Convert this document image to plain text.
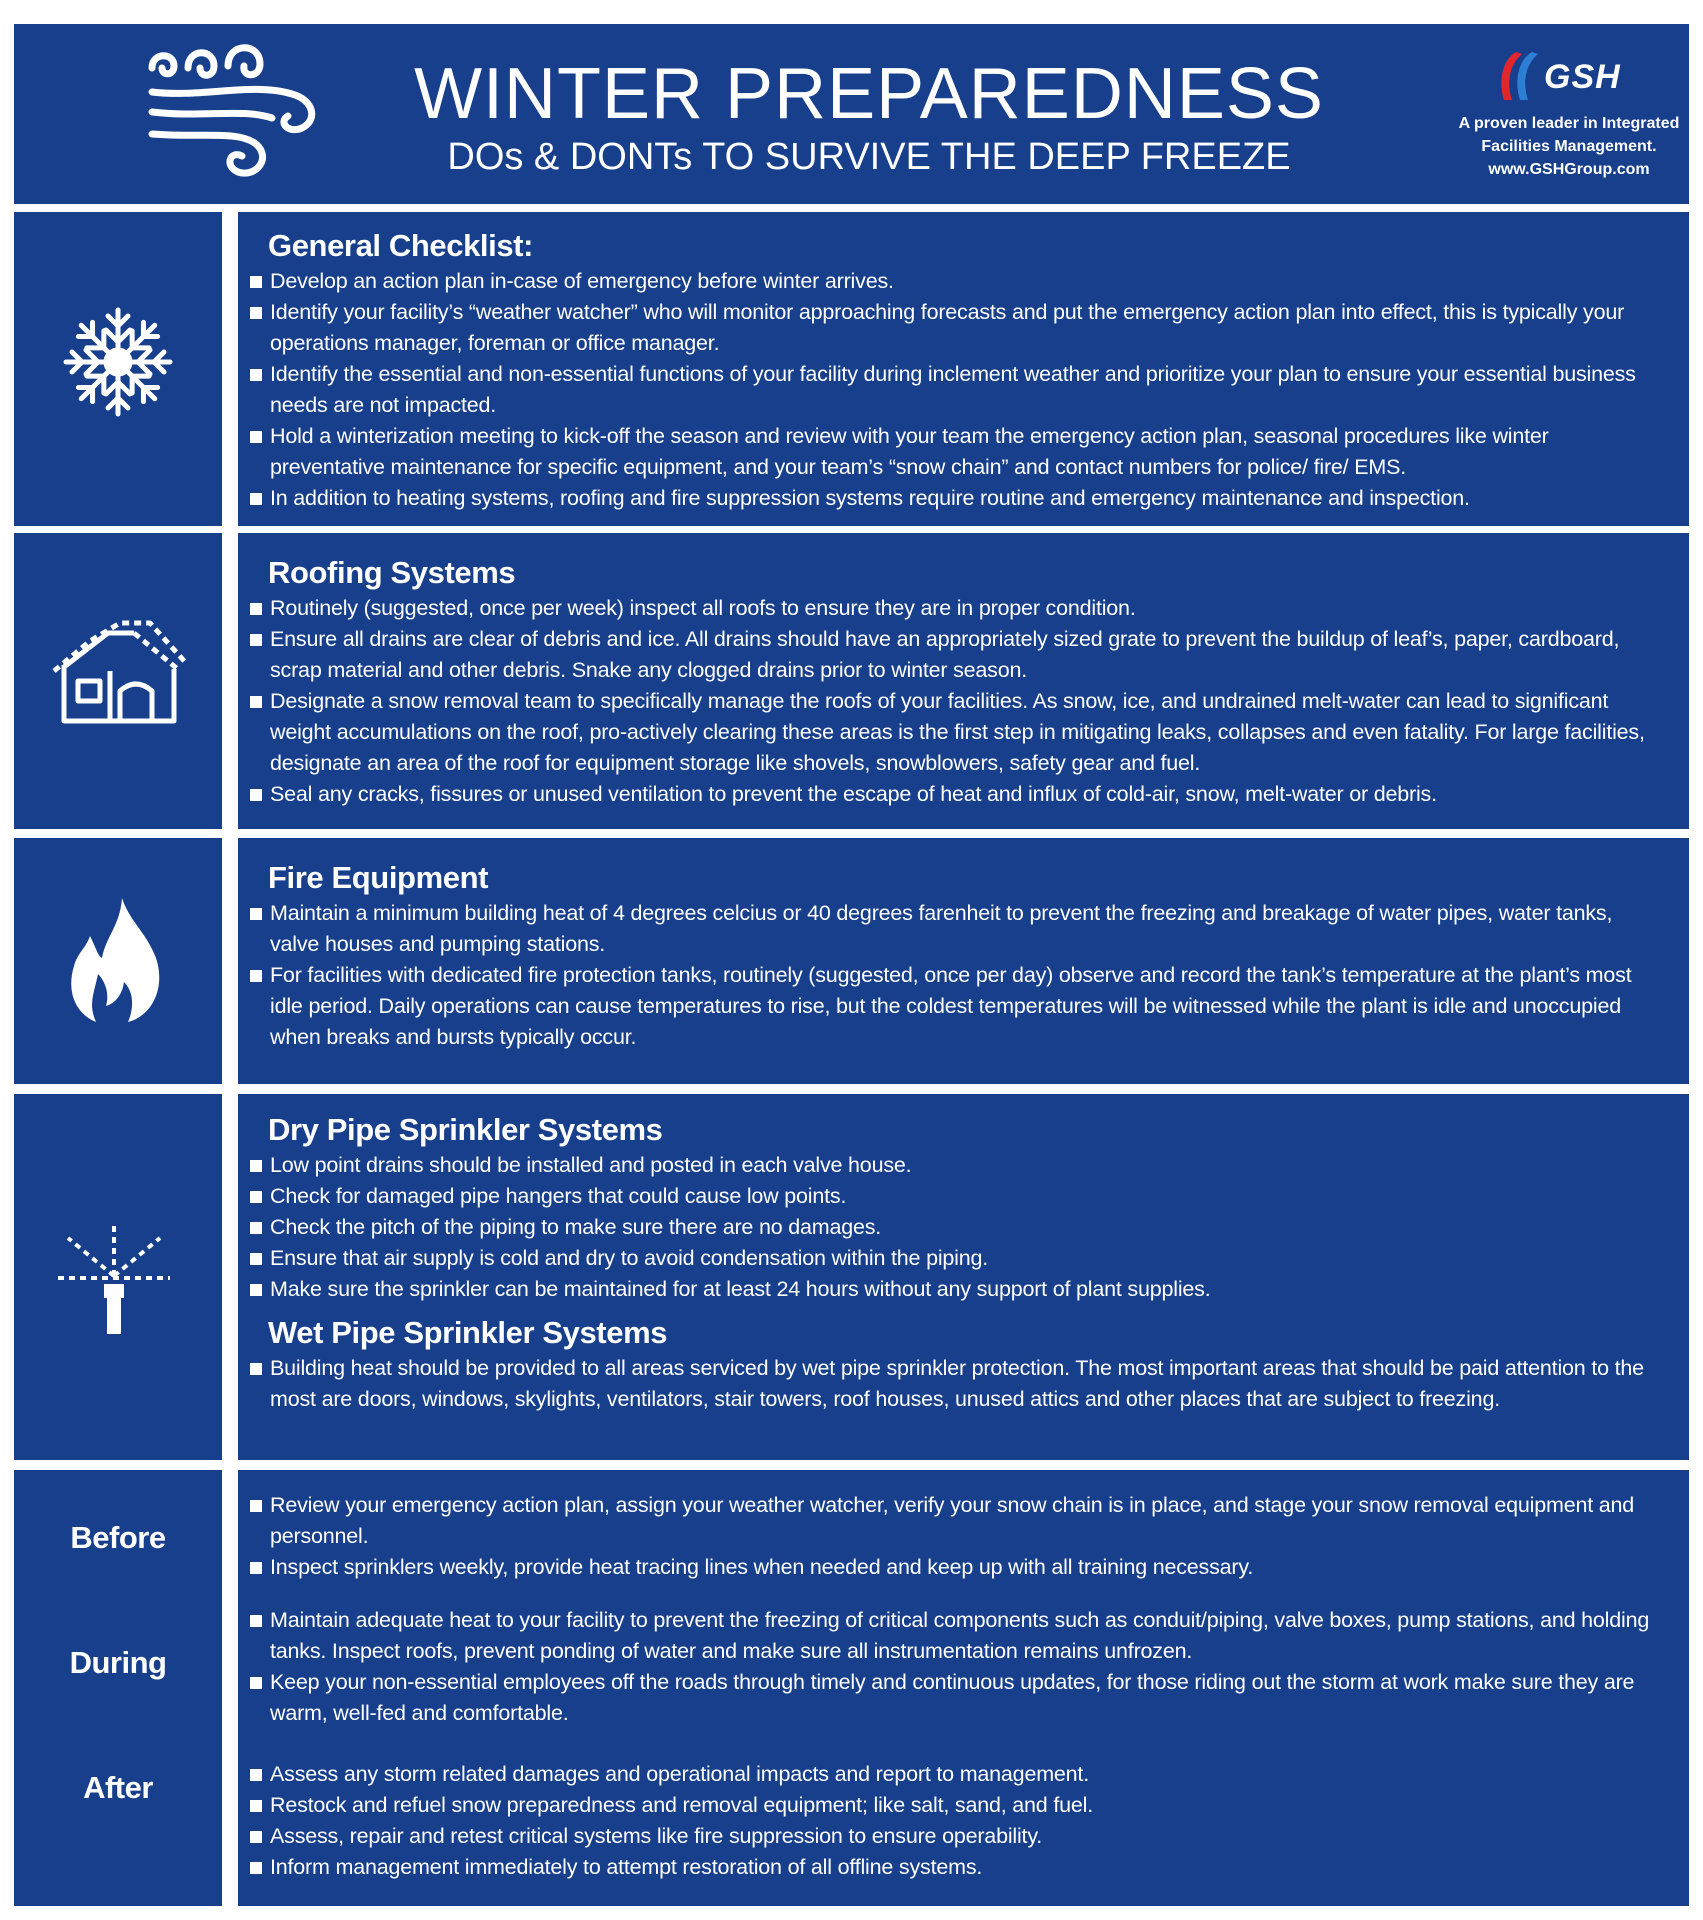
WINTER PREPAREDNESS
DOs & DONTs TO SURVIVE THE DEEP FREEZE
GSH
A proven leader in Integrated
Facilities Management.
www.GSHGroup.com
General Checklist:
Develop an action plan in-case of emergency before winter arrives.
Identify your facility’s “weather watcher” who will monitor approaching forecasts and put the emergency action plan into effect, this is typically your operations manager, foreman or office manager.
Identify the essential and non-essential functions of your facility during inclement weather and prioritize your plan to ensure your essential business needs are not impacted.
Hold a winterization meeting to kick-off the season and review with your team the emergency action plan, seasonal procedures like winter preventative maintenance for specific equipment, and your team’s “snow chain” and contact numbers for police/ fire/ EMS.
In addition to heating systems, roofing and fire suppression systems require routine and emergency maintenance and inspection.
Roofing Systems
Routinely (suggested, once per week) inspect all roofs to ensure they are in proper condition.
Ensure all drains are clear of debris and ice. All drains should have an appropriately sized grate to prevent the buildup of leaf’s, paper, cardboard, scrap material and other debris. Snake any clogged drains prior to winter season.
Designate a snow removal team to specifically manage the roofs of your facilities. As snow, ice, and undrained melt-water can lead to significant weight accumulations on the roof, pro-actively clearing these areas is the first step in mitigating leaks, collapses and even fatality. For large facilities, designate an area of the roof for equipment storage like shovels, snowblowers, safety gear and fuel.
Seal any cracks, fissures or unused ventilation to prevent the escape of heat and influx of cold-air, snow, melt-water or debris.
Fire Equipment
Maintain a minimum building heat of 4 degrees celcius or 40 degrees farenheit to prevent the freezing and breakage of water pipes, water tanks, valve houses and pumping stations.
For facilities with dedicated fire protection tanks, routinely (suggested, once per day) observe and record the tank’s temperature at the plant’s most idle period. Daily operations can cause temperatures to rise, but the coldest temperatures will be witnessed while the plant is idle and unoccupied when breaks and bursts typically occur.
Dry Pipe Sprinkler Systems
Low point drains should be installed and posted in each valve house.
Check for damaged pipe hangers that could cause low points.
Check the pitch of the piping to make sure there are no damages.
Ensure that air supply is cold and dry to avoid condensation within the piping.
Make sure the sprinkler can be maintained for at least 24 hours without any support of plant supplies.
Wet Pipe Sprinkler Systems
Building heat should be provided to all areas serviced by wet pipe sprinkler protection. The most important areas that should be paid attention to the most are doors, windows, skylights, ventilators, stair towers, roof houses, unused attics and other places that are subject to freezing.
Before
During
After
Review your emergency action plan, assign your weather watcher, verify your snow chain is in place, and stage your snow removal equipment and personnel.
Inspect sprinklers weekly, provide heat tracing lines when needed and keep up with all training necessary.
Maintain adequate heat to your facility to prevent the freezing of critical components such as conduit/piping, valve boxes, pump stations, and holding tanks. Inspect roofs, prevent ponding of water and make sure all instrumentation remains unfrozen.
Keep your non-essential employees off the roads through timely and continuous updates, for those riding out the storm at work make sure they are warm, well-fed and comfortable.
Assess any storm related damages and operational impacts and report to management.
Restock and refuel snow preparedness and removal equipment; like salt, sand, and fuel.
Assess, repair and retest critical systems like fire suppression to ensure operability.
Inform management immediately to attempt restoration of all offline systems.
